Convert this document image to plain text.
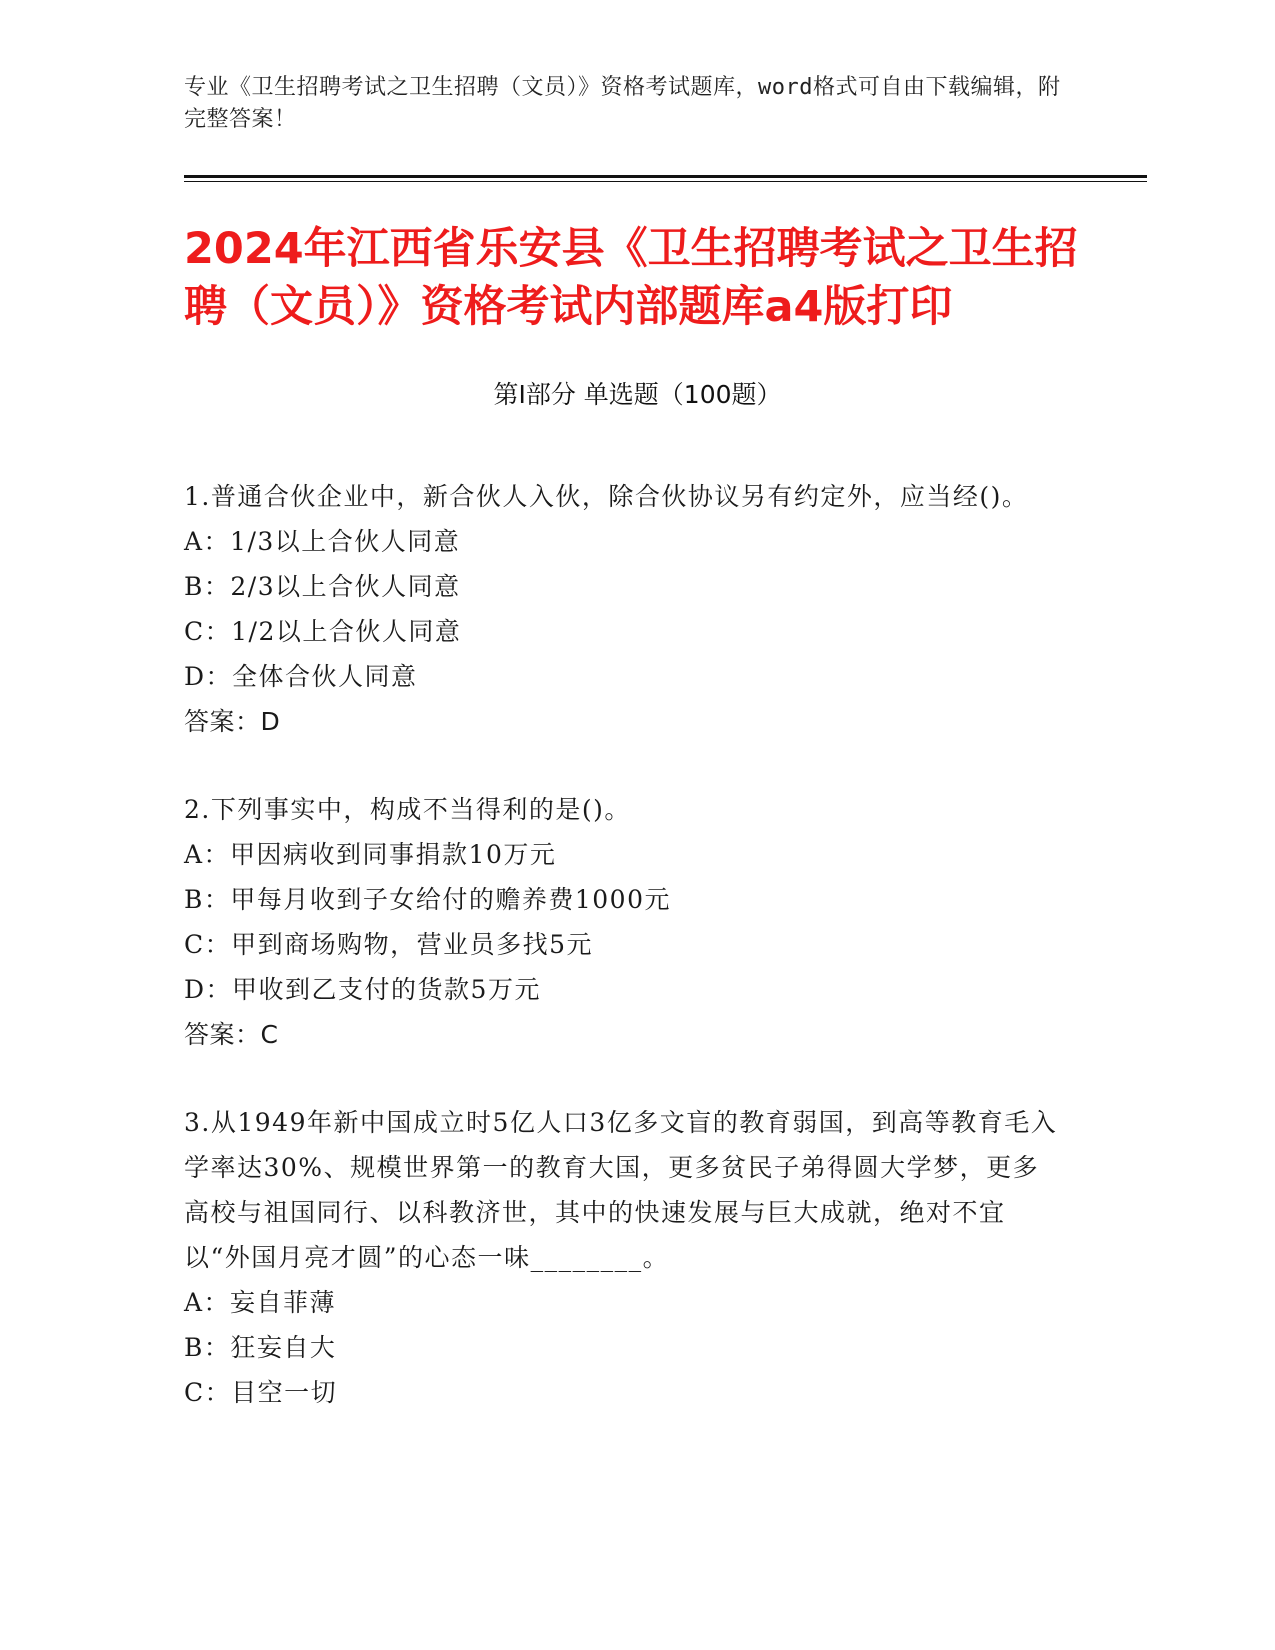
专业《卫生招聘考试之卫生招聘（文员）》资格考试题库，word格式可自由下载编辑，附完整答案！
2024年江西省乐安县《卫生招聘考试之卫生招聘（文员）》资格考试内部题库a4版打印
第Ⅰ部分 单选题（100题）

1.普通合伙企业中，新合伙人入伙，除合伙协议另有约定外，应当经()。

A：1/3以上合伙人同意

B：2/3以上合伙人同意

C：1/2以上合伙人同意

D：全体合伙人同意

答案：D

2.下列事实中，构成不当得利的是()。

A：甲因病收到同事捐款10万元

B：甲每月收到子女给付的赡养费1000元

C：甲到商场购物，营业员多找5元

D：甲收到乙支付的货款5万元

答案：C

3.从1949年新中国成立时5亿人口3亿多文盲的教育弱国，到高等教育毛入学率达30%、规模世界第一的教育大国，更多贫民子弟得圆大学梦，更多高校与祖国同行、以科教济世，其中的快速发展与巨大成就，绝对不宜以“外国月亮才圆”的心态一味________。

A：妄自菲薄

B：狂妄自大

C：目空一切
